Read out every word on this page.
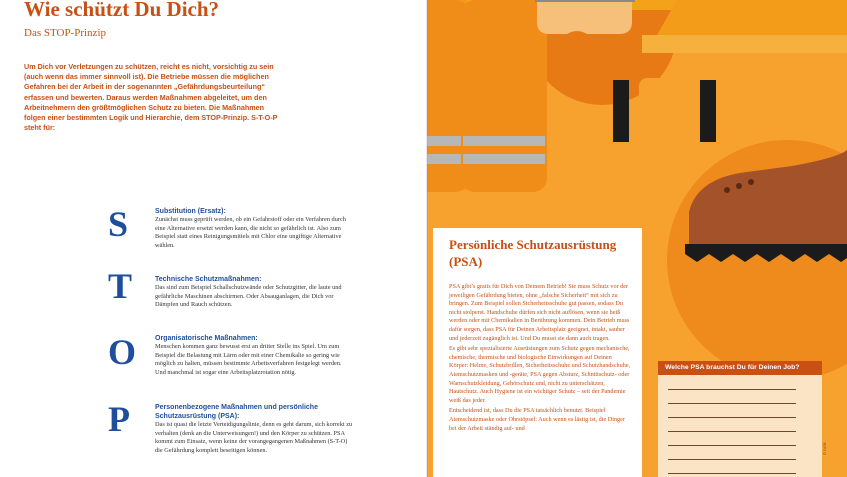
Wie schützt Du Dich?
Das STOP-Prinzip
Um Dich vor Verletzungen zu schützen, reicht es nicht, vorsichtig zu sein (auch wenn das immer sinnvoll ist). Die Betriebe müssen die möglichen Gefahren bei der Arbeit in der sogenannten „Gefährdungsbeurteilung“ erfassen und bewerten. Daraus werden Maßnahmen abgeleitet, um den Arbeitnehmern den größtmöglichen Schutz zu bieten. Die Maßnahmen folgen einer bestimmten Logik und Hierarchie, dem STOP-Prinzip. S-T-O-P steht für:
S	Substitution (Ersatz):
Zunächst muss geprüft werden, ob ein Gefahrstoff oder ein Verfahren durch eine Alternative ersetzt werden kann, die nicht so gefährlich ist. Also zum Beispiel statt eines Reinigungsmittels mit Chlor eine ungiftige Alternative wählen.
T	Technische Schutzmaßnahmen:
Das sind zum Beispiel Schallschutzwände oder Schutzgitter, die laute und gefährliche Maschinen abschirmen. Oder Absauganlagen, die Dich vor Dämpfen und Rauch schützen.
O	Organisatorische Maßnahmen:
Menschen kommen ganz bewusst erst an dritter Stelle ins Spiel. Um zum Beispiel die Belastung mit Lärm oder mit einer Chemikalie so gering wie möglich zu halten, müssen bestimmte Arbeitsverfahren festgelegt werden. Und manchmal ist sogar eine Arbeitsplatzrotation nötig.
P	Personenbezogene Maßnahmen und persönliche Schutzausrüstung (PSA):
Das ist quasi die letzte Verteidigungslinie, denn es geht darum, sich korrekt zu verhalten (denk an die Unterweisungen!) und den Körper zu schützen. PSA kommt zum Einsatz, wenn keine der vorangegangenen Maßnahmen (S-T-O) die Gefährdung komplett beseitigen können.
Persönliche Schutzausrüstung (PSA)

PSA gibt’s gratis für Dich von Deinem Betrieb! Sie muss Schutz vor der jeweiligen Gefährdung bieten, ohne „falsche Sicherheit“ mit sich zu bringen. Zum Beispiel sollen Sicherheitsschuhe gut passen, sodass Du nicht stolperst. Handschuhe dürfen sich nicht auflösen, wenn sie heiß werden oder mit Chemikalien in Berührung kommen. Dein Betrieb muss dafür sorgen, dass PSA für Deinen Arbeitsplatz geeignet, intakt, sauber und jederzeit zugänglich ist. Und Du musst sie dann auch tragen.

Es gibt sehr spezialisierte Ausrüstungen zum Schutz gegen mechanische, chemische, thermische und biologische Einwirkungen auf Deinen Körper: Helme, Schutzbrillen, Sicherheitsschuhe und Schutzhandschuhe, Atemschutzmasken und -geräte, PSA gegen Absturz, Schnittschutz- oder Warnschutzkleidung, Gehörschutz und, nicht zu unterschätzen, Hautschutz. Auch Hygiene ist ein wichtiger Schutz – seit der Pandemie weiß das jeder.

Entscheidend ist, dass Du die PSA tatsächlich benutzt. Beispiel Atemschutzmaske oder Ohrstöpsel: Auch wenn es lästig ist, die Dinger bei der Arbeit ständig auf- und

Welche PSA brauchst Du für Deinen Job?
© DGB
